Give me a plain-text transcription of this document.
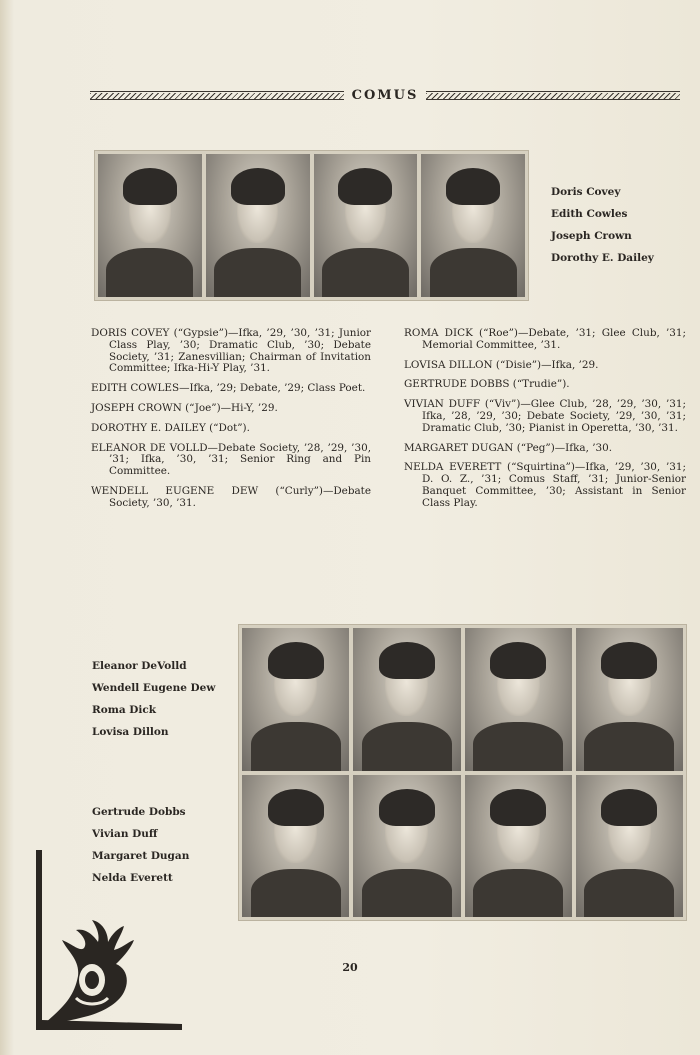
COMUS
Doris Covey
Edith Cowles
Joseph Crown
Dorothy E. Dailey

DORIS COVEY (“Gypsie”)—Ifka, ’29, ’30, ’31; Junior Class Play, ’30; Dramatic Club, ’30; Debate Society, ’31; Zanesvillian; Chairman of Invitation Committee; Ifka-Hi-Y Play, ’31.

EDITH COWLES—Ifka, ’29; Debate, ’29; Class Poet.

JOSEPH CROWN (“Joe”)—Hi-Y, ’29.

DOROTHY E. DAILEY (“Dot”).

ELEANOR DE VOLLD—Debate Society, ’28, ’29, ’30, ’31; Ifka, ’30, ’31; Senior Ring and Pin Committee.

WENDELL EUGENE DEW (“Curly”)—Debate Society, ’30, ’31.

ROMA DICK (“Roe”)—Debate, ’31; Glee Club, ’31; Memorial Committee, ’31.

LOVISA DILLON (“Disie”)—Ifka, ’29.

GERTRUDE DOBBS (“Trudie”).

VIVIAN DUFF (“Viv”)—Glee Club, ’28, ’29, ’30, ’31; Ifka, ’28, ’29, ’30; Debate Society, ’29, ’30, ’31; Dramatic Club, ’30; Pianist in Operetta, ’30, ’31.

MARGARET DUGAN (“Peg”)—Ifka, ’30.

NELDA EVERETT (“Squirtina”)—Ifka, ’29, ’30, ’31; D. O. Z., ’31; Comus Staff, ’31; Junior-Senior Banquet Committee, ’30; Assistant in Senior Class Play.

Eleanor DeVolld
Wendell Eugene Dew
Roma Dick
Lovisa Dillon
Gertrude Dobbs
Vivian Duff
Margaret Dugan
Nelda Everett
20
